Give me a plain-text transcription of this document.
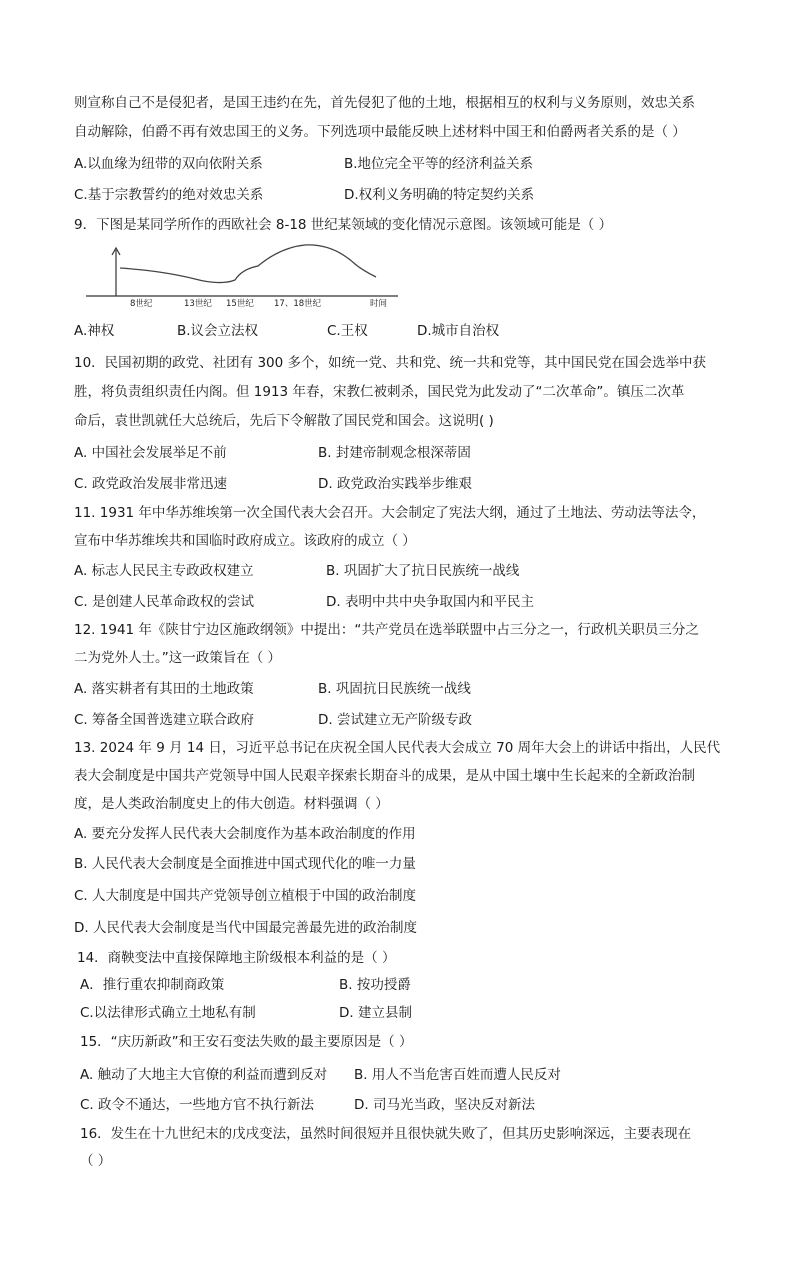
则宣称自己不是侵犯者，是国王违约在先，首先侵犯了他的土地，根据相互的权利与义务原则，效忠关系
自动解除，伯爵不再有效忠国王的义务。下列选项中最能反映上述材料中国王和伯爵两者关系的是（ ）
A.以血缘为纽带的双向依附关系	B.地位完全平等的经济利益关系
C.基于宗教誓约的绝对效忠关系	D.权利义务明确的特定契约关系
9．下图是某同学所作的西欧社会 8-18 世纪某领域的变化情况示意图。该领域可能是（ ）
8世纪	13世纪 15世纪 17、18世纪	时间
A.神权	B.议会立法权	C.王权	D.城市自治权
10．民国初期的政党、社团有 300 多个，如统一党、共和党、统一共和党等，其中国民党在国会选举中获
胜，将负责组织责任内阁。但 1913 年春，宋教仁被刺杀，国民党为此发动了“二次革命”。镇压二次革
命后，袁世凯就任大总统后，先后下令解散了国民党和国会。这说明( )
A. 中国社会发展举足不前	B. 封建帝制观念根深蒂固
C. 政党政治发展非常迅速	D. 政党政治实践举步维艰
11. 1931 年中华苏维埃第一次全国代表大会召开。大会制定了宪法大纲，通过了土地法、劳动法等法令，
宣布中华苏维埃共和国临时政府成立。该政府的成立（ ）
A. 标志人民民主专政政权建立	B. 巩固扩大了抗日民族统一战线
C. 是创建人民革命政权的尝试	D. 表明中共中央争取国内和平民主
12. 1941 年《陕甘宁边区施政纲领》中提出：“共产党员在选举联盟中占三分之一，行政机关职员三分之
二为党外人士。”这一政策旨在（ ）
A. 落实耕者有其田的土地政策	B. 巩固抗日民族统一战线
C. 筹备全国普选建立联合政府	D. 尝试建立无产阶级专政
13. 2024 年 9 月 14 日，习近平总书记在庆祝全国人民代表大会成立 70 周年大会上的讲话中指出，人民代
表大会制度是中国共产党领导中国人民艰辛探索长期奋斗的成果，是从中国土壤中生长起来的全新政治制
度，是人类政治制度史上的伟大创造。材料强调（ ）
A. 要充分发挥人民代表大会制度作为基本政治制度的作用
B. 人民代表大会制度是全面推进中国式现代化的唯一力量
C. 人大制度是中国共产党领导创立植根于中国的政治制度
D. 人民代表大会制度是当代中国最完善最先进的政治制度
14．商鞅变法中直接保障地主阶级根本利益的是（ ）
A．推行重农抑制商政策	B. 按功授爵
C.以法律形式确立土地私有制	D. 建立县制
15．“庆历新政”和王安石变法失败的最主要原因是（ ）
A. 触动了大地主大官僚的利益而遭到反对 B. 用人不当危害百姓而遭人民反对
C. 政令不通达，一些地方官不执行新法	D. 司马光当政，坚决反对新法
16．发生在十九世纪末的戊戌变法，虽然时间很短并且很快就失败了，但其历史影响深远，主要表现在
（ ）
